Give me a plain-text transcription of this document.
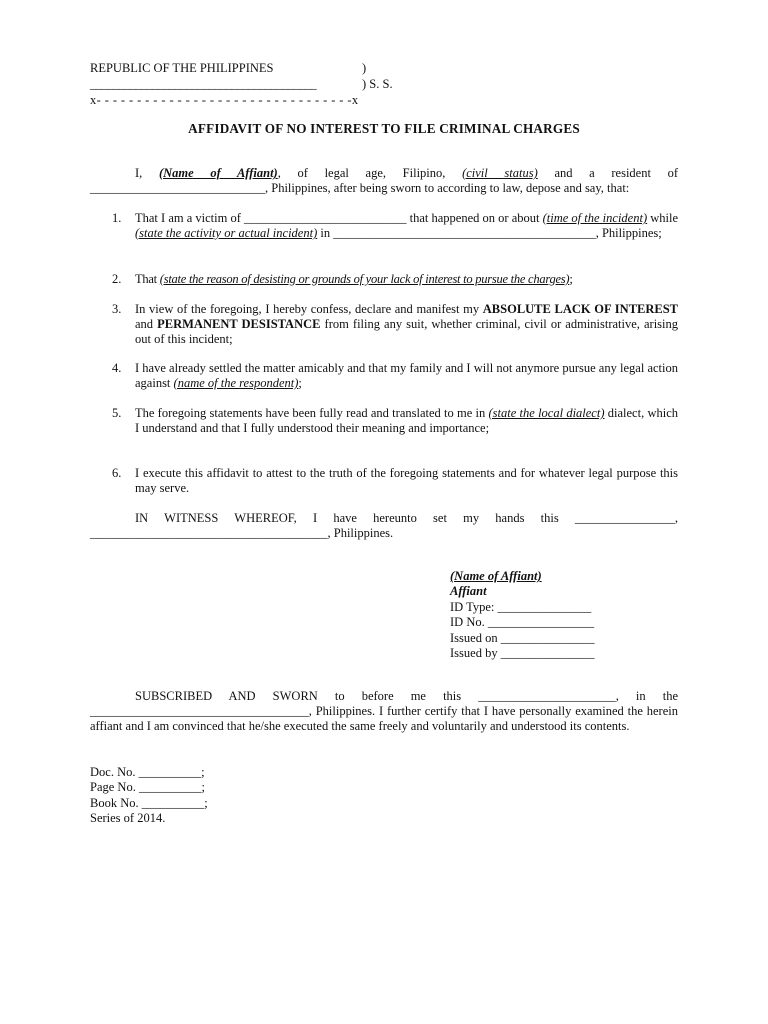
REPUBLIC OF THE PHILIPPINES	)
________________________________________	) S. S.
x- - - - - - - - - - - - - - - - - - - - - - - - - - - - - - - -x
AFFIDAVIT OF NO INTEREST TO FILE CRIMINAL CHARGES
I, (Name of Affiant), of legal age, Filipino, (civil status) and a resident of ____________________________, Philippines, after being sworn to according to law, depose and say, that:
1. That I am a victim of __________________________ that happened on or about (time of the incident) while (state the activity or actual incident) in __________________________________________, Philippines;
2. That (state the reason of desisting or grounds of your lack of interest to pursue the charges);
3. In view of the foregoing, I hereby confess, declare and manifest my ABSOLUTE LACK OF INTEREST and PERMANENT DESISTANCE from filing any suit, whether criminal, civil or administrative, arising out of this incident;
4. I have already settled the matter amicably and that my family and I will not anymore pursue any legal action against (name of the respondent);
5. The foregoing statements have been fully read and translated to me in (state the local dialect) dialect, which I understand and that I fully understood their meaning and importance;
6. I execute this affidavit to attest to the truth of the foregoing statements and for whatever legal purpose this may serve.
IN WITNESS WHEREOF, I have hereunto set my hands this ________________, ______________________________________, Philippines.
(Name of Affiant)
Affiant
ID Type: _______________
ID No. _________________
Issued on _______________
Issued by _______________
SUBSCRIBED AND SWORN to before me this ______________________, in the ___________________________________, Philippines. I further certify that I have personally examined the herein affiant and I am convinced that he/she executed the same freely and voluntarily and understood its contents.
Doc. No. __________;
Page No. __________;
Book No. __________;
Series of 2014.
